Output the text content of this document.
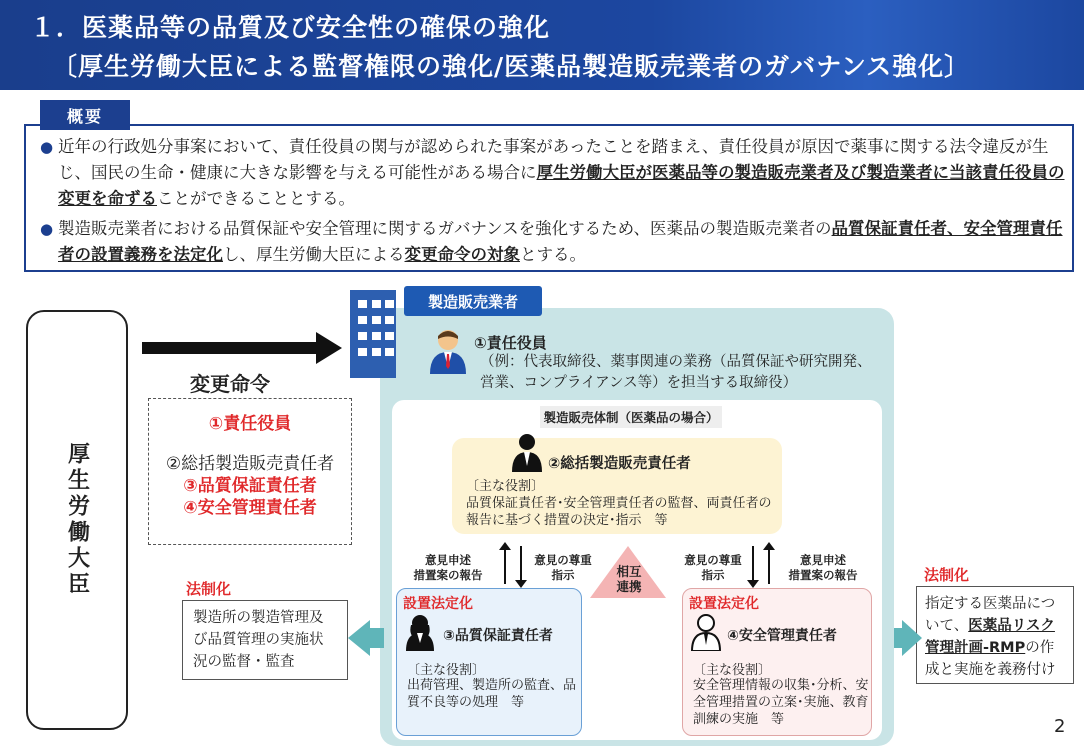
１．医薬品等の品質及び安全性の確保の強化
〔厚生労働大臣による監督権限の強化/医薬品製造販売業者のガバナンス強化〕
● 近年の行政処分事案において、責任役員の関与が認められた事案があったことを踏まえ、責任役員が原因で薬事に関する法令違反が生じ、国民の生命・健康に大きな影響を与える可能性がある場合に厚生労働大臣が医薬品等の製造販売業者及び製造業者に当該責任役員の変更を命ずることができることとする。
● 製造販売業者における品質保証や安全管理に関するガバナンスを強化するため、医薬品の製造販売業者の品質保証責任者、安全管理責任者の設置義務を法定化し、厚生労働大臣による変更命令の対象とする。
概要
厚生労働大臣
変更命令
①責任役員
②総括製造販売責任者
③品質保証責任者
④安全管理責任者
製造販売業者
①責任役員
（例：代表取締役、薬事関連の業務（品質保証や研究開発、営業、コンプライアンス等）を担当する取締役）
製造販売体制（医薬品の場合）
②総括製造販売責任者
〔主な役割〕
品質保証責任者･安全管理責任者の監督、両責任者の報告に基づく措置の決定･指示　等
意見申述
措置案の報告
意見の尊重
指示	相互
連携
意見の尊重
指示
意見申述
措置案の報告
設置法定化
③品質保証責任者
〔主な役割〕
出荷管理、製造所の監査、品質不良等の処理　等
設置法定化
④安全管理責任者
〔主な役割〕
安全管理情報の収集･分析、安全管理措置の立案･実施、教育訓練の実施　等
法制化
製造所の製造管理及び品質管理の実施状況の監督・監査
法制化
指定する医薬品について、医薬品リスク管理計画-RMPの作成と実施を義務付け
2
